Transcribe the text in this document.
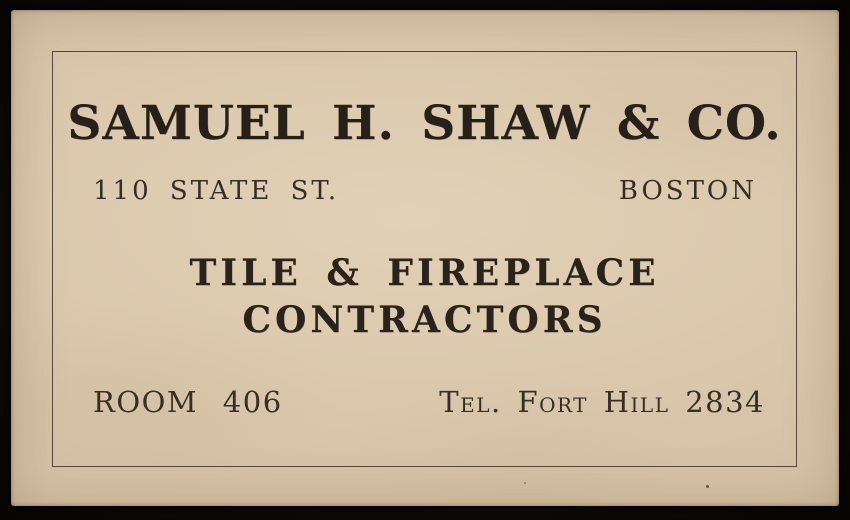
SAMUEL H. SHAW & CO.
110 STATE ST.	BOSTON
TILE & FIREPLACE
CONTRACTORS
ROOM 406	Tel. Fort Hill 2834
